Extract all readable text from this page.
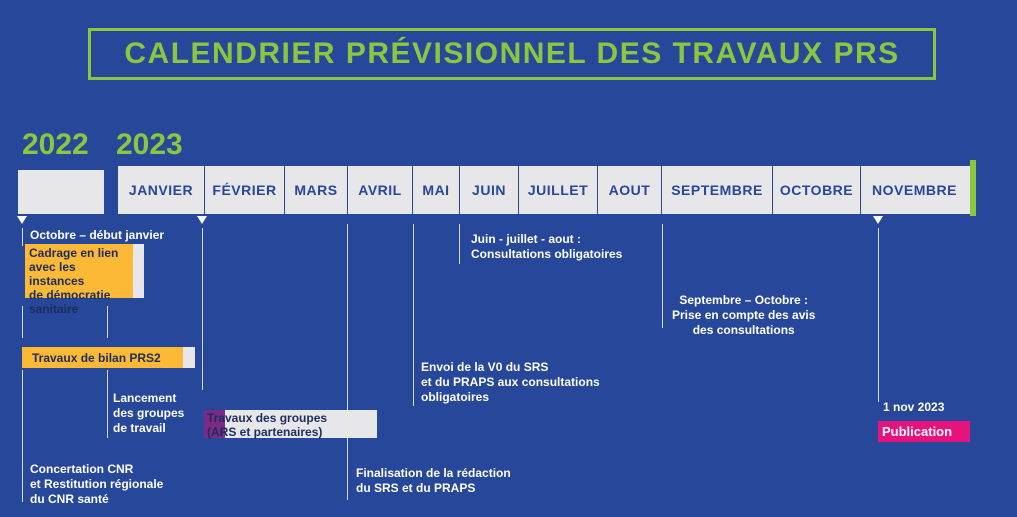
CALENDRIER PRÉVISIONNEL DES TRAVAUX PRS
2022 2023
JANVIER	FÉVRIER	MARS	AVRIL	MAI	JUIN	JUILLET	AOUT	SEPTEMBRE	OCTOBRE	NOVEMBRE
Octobre – début janvier
Cadrage en lien
avec les instances
de démocratie
sanitaire
Travaux de bilan PRS2
Lancement
des groupes
de travail
Concertation CNR
et Restitution régionale
du CNR santé
Travaux des groupes
(ARS et partenaires)
Finalisation de la rédaction
du SRS et du PRAPS
Envoi de la V0 du SRS
et du PRAPS aux consultations
obligatoires
Juin - juillet - aout :
Consultations obligatoires
Septembre – Octobre :
Prise en compte des avis
des consultations
1 nov 2023
Publication
